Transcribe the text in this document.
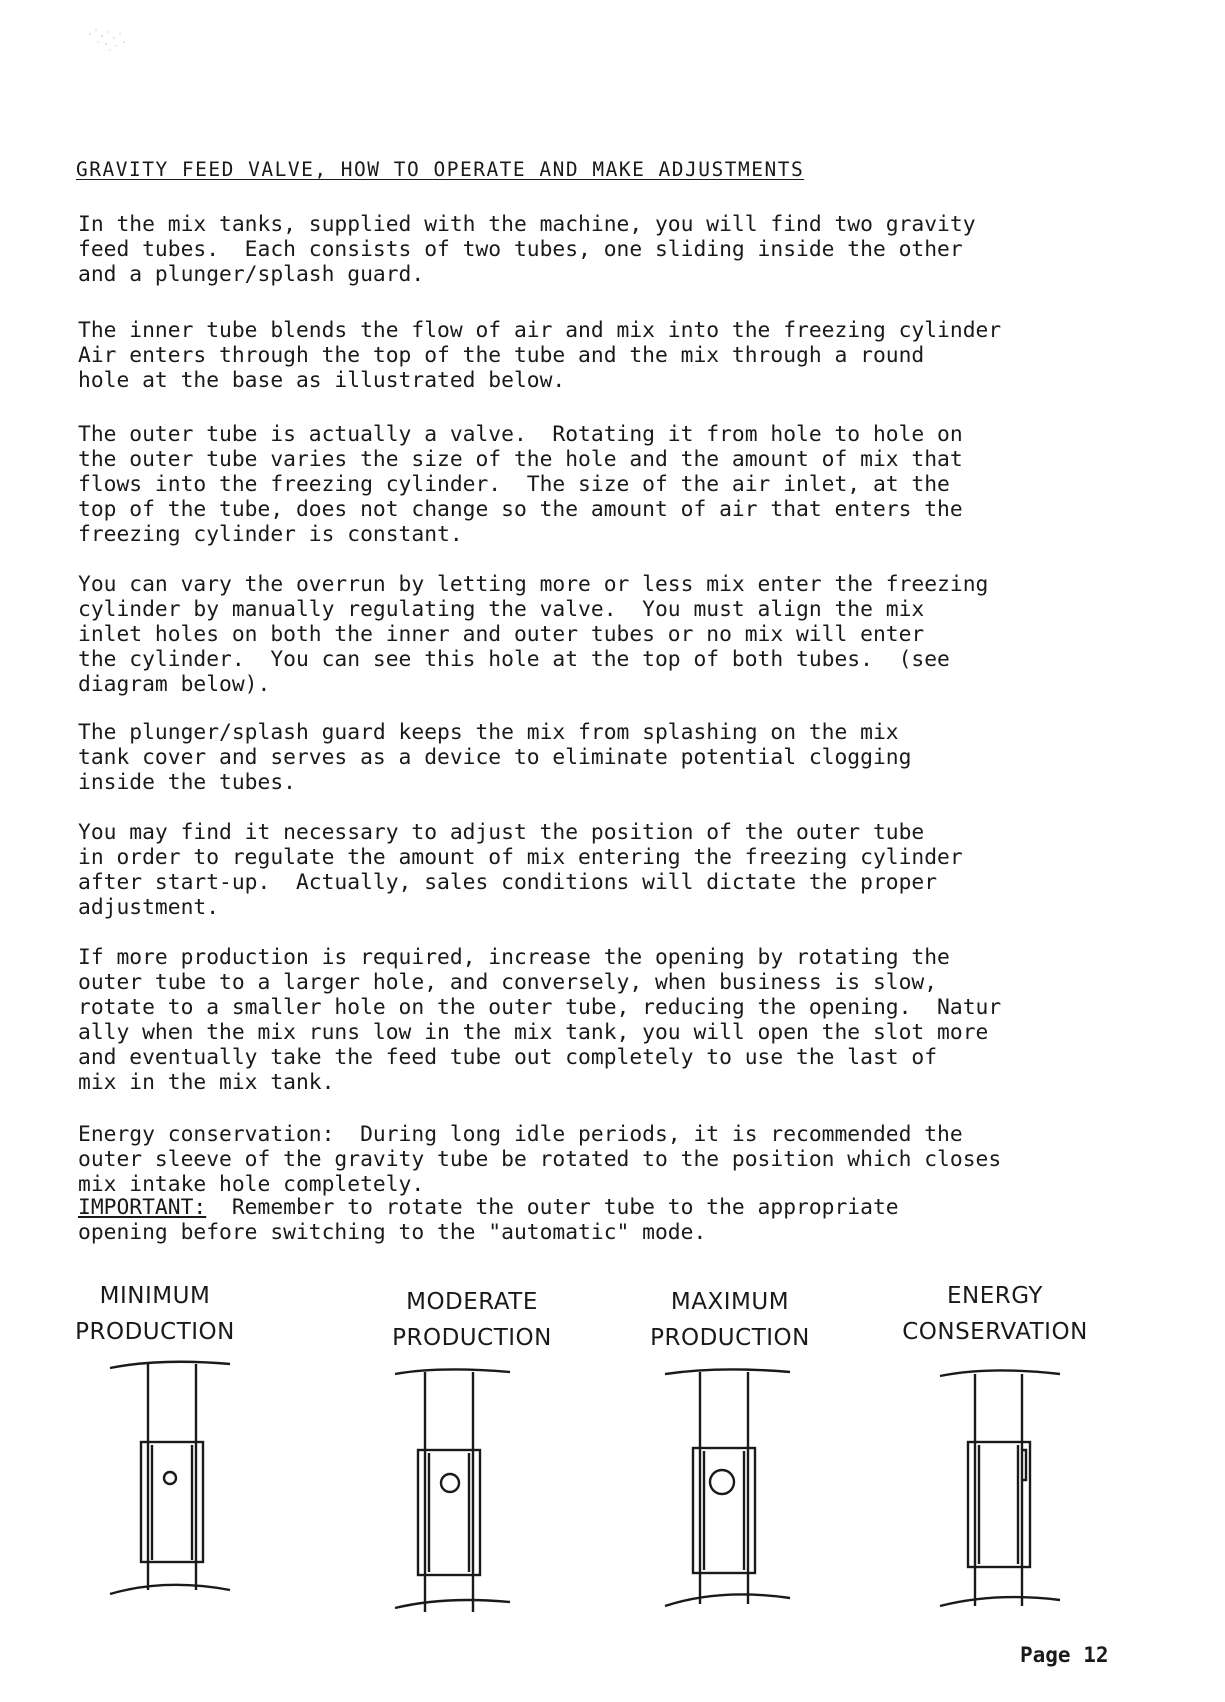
GRAVITY FEED VALVE, HOW TO OPERATE AND MAKE ADJUSTMENTS
In the mix tanks, supplied with the machine, you will find two gravity
feed tubes.  Each consists of two tubes, one sliding inside the other
and a plunger/splash guard.
The inner tube blends the flow of air and mix into the freezing cylinder
Air enters through the top of the tube and the mix through a round
hole at the base as illustrated below.
The outer tube is actually a valve.  Rotating it from hole to hole on
the outer tube varies the size of the hole and the amount of mix that
flows into the freezing cylinder.  The size of the air inlet, at the
top of the tube, does not change so the amount of air that enters the
freezing cylinder is constant.
You can vary the overrun by letting more or less mix enter the freezing
cylinder by manually regulating the valve.  You must align the mix
inlet holes on both the inner and outer tubes or no mix will enter
the cylinder.  You can see this hole at the top of both tubes.  (see
diagram below).
The plunger/splash guard keeps the mix from splashing on the mix
tank cover and serves as a device to eliminate potential clogging
inside the tubes.
You may find it necessary to adjust the position of the outer tube
in order to regulate the amount of mix entering the freezing cylinder
after start-up.  Actually, sales conditions will dictate the proper
adjustment.
If more production is required, increase the opening by rotating the
outer tube to a larger hole, and conversely, when business is slow,
rotate to a smaller hole on the outer tube, reducing the opening.  Natur
ally when the mix runs low in the mix tank, you will open the slot more
and eventually take the feed tube out completely to use the last of
mix in the mix tank.
Energy conservation:  During long idle periods, it is recommended the
outer sleeve of the gravity tube be rotated to the position which closes
mix intake hole completely.
IMPORTANT:  Remember to rotate the outer tube to the appropriate
opening before switching to the "automatic" mode.
MINIMUM
PRODUCTION
MODERATE
PRODUCTION
MAXIMUM
PRODUCTION
ENERGY
CONSERVATION
Page 12
